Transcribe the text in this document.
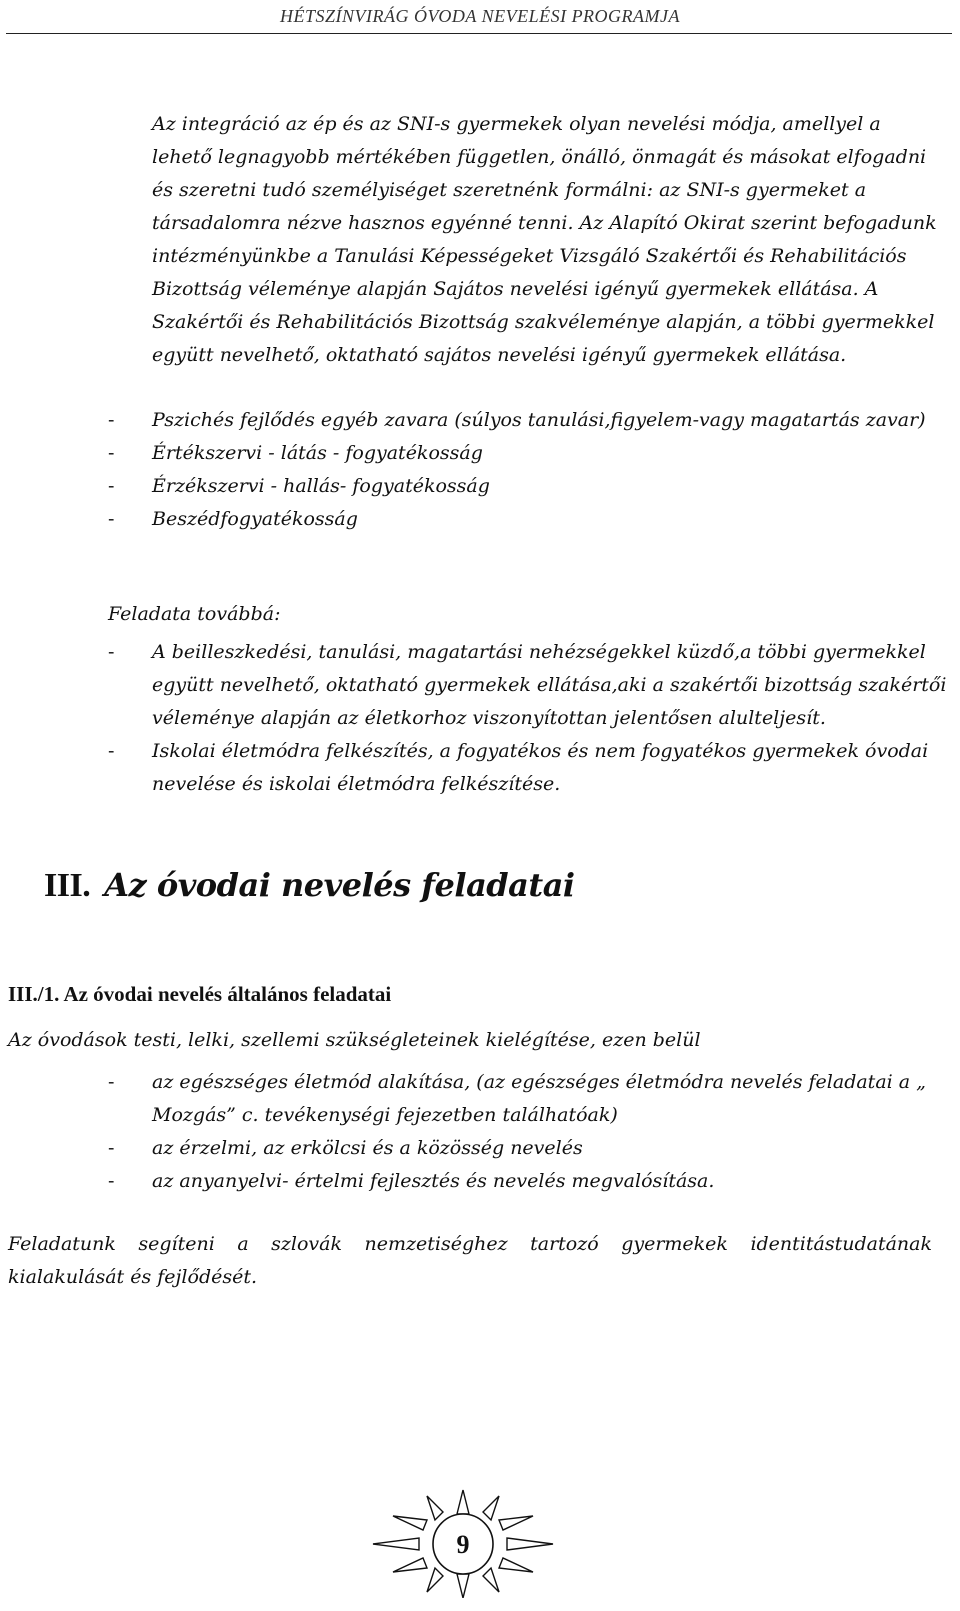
HÉTSZÍNVIRÁG ÓVODA NEVELÉSI PROGRAMJA

Az integráció az ép és az SNI-s gyermekek olyan nevelési módja, amellyel a lehető legnagyobb mértékében független, önálló, önmagát és másokat elfogadni és szeretni tudó személyiséget szeretnénk formálni: az SNI-s gyermeket a társadalomra nézve hasznos egyénné tenni. Az Alapító Okirat szerint befogadunk intézményünkbe a Tanulási Képességeket Vizsgáló Szakértői és Rehabilitációs Bizottság véleménye alapján Sajátos nevelési igényű gyermekek ellátása. A Szakértői és Rehabilitációs Bizottság szakvéleménye alapján, a többi gyermekkel együtt nevelhető, oktatható sajátos nevelési igényű gyermekek ellátása.

- Pszichés fejlődés egyéb zavara (súlyos tanulási,figyelem-vagy magatartás zavar)
- Értékszervi - látás - fogyatékosság
- Érzékszervi - hallás- fogyatékosság
- Beszédfogyatékosság
Feladata továbbá:
- A beilleszkedési, tanulási, magatartási nehézségekkel küzdő,a többi gyermekkel együtt nevelhető, oktatható gyermekek ellátása,aki a szakértői bizottság szakértői véleménye alapján az életkorhoz viszonyítottan jelentősen alulteljesít.
- Iskolai életmódra felkészítés, a fogyatékos és nem fogyatékos gyermekek óvodai nevelése és iskolai életmódra felkészítése.
III. Az óvodai nevelés feladatai
III./1. Az óvodai nevelés általános feladatai
Az óvodások testi, lelki, szellemi szükségleteinek kielégítése, ezen belül
- az egészséges életmód alakítása, (az egészséges életmódra nevelés feladatai a „ Mozgás” c. tevékenységi fejezetben találhatóak)
- az érzelmi, az erkölcsi és a közösség nevelés
- az anyanyelvi- értelmi fejlesztés és nevelés megvalósítása.

Feladatunk segíteni a szlovák nemzetiséghez tartozó gyermekek identitástudatának kialakulását és fejlődését.

9
